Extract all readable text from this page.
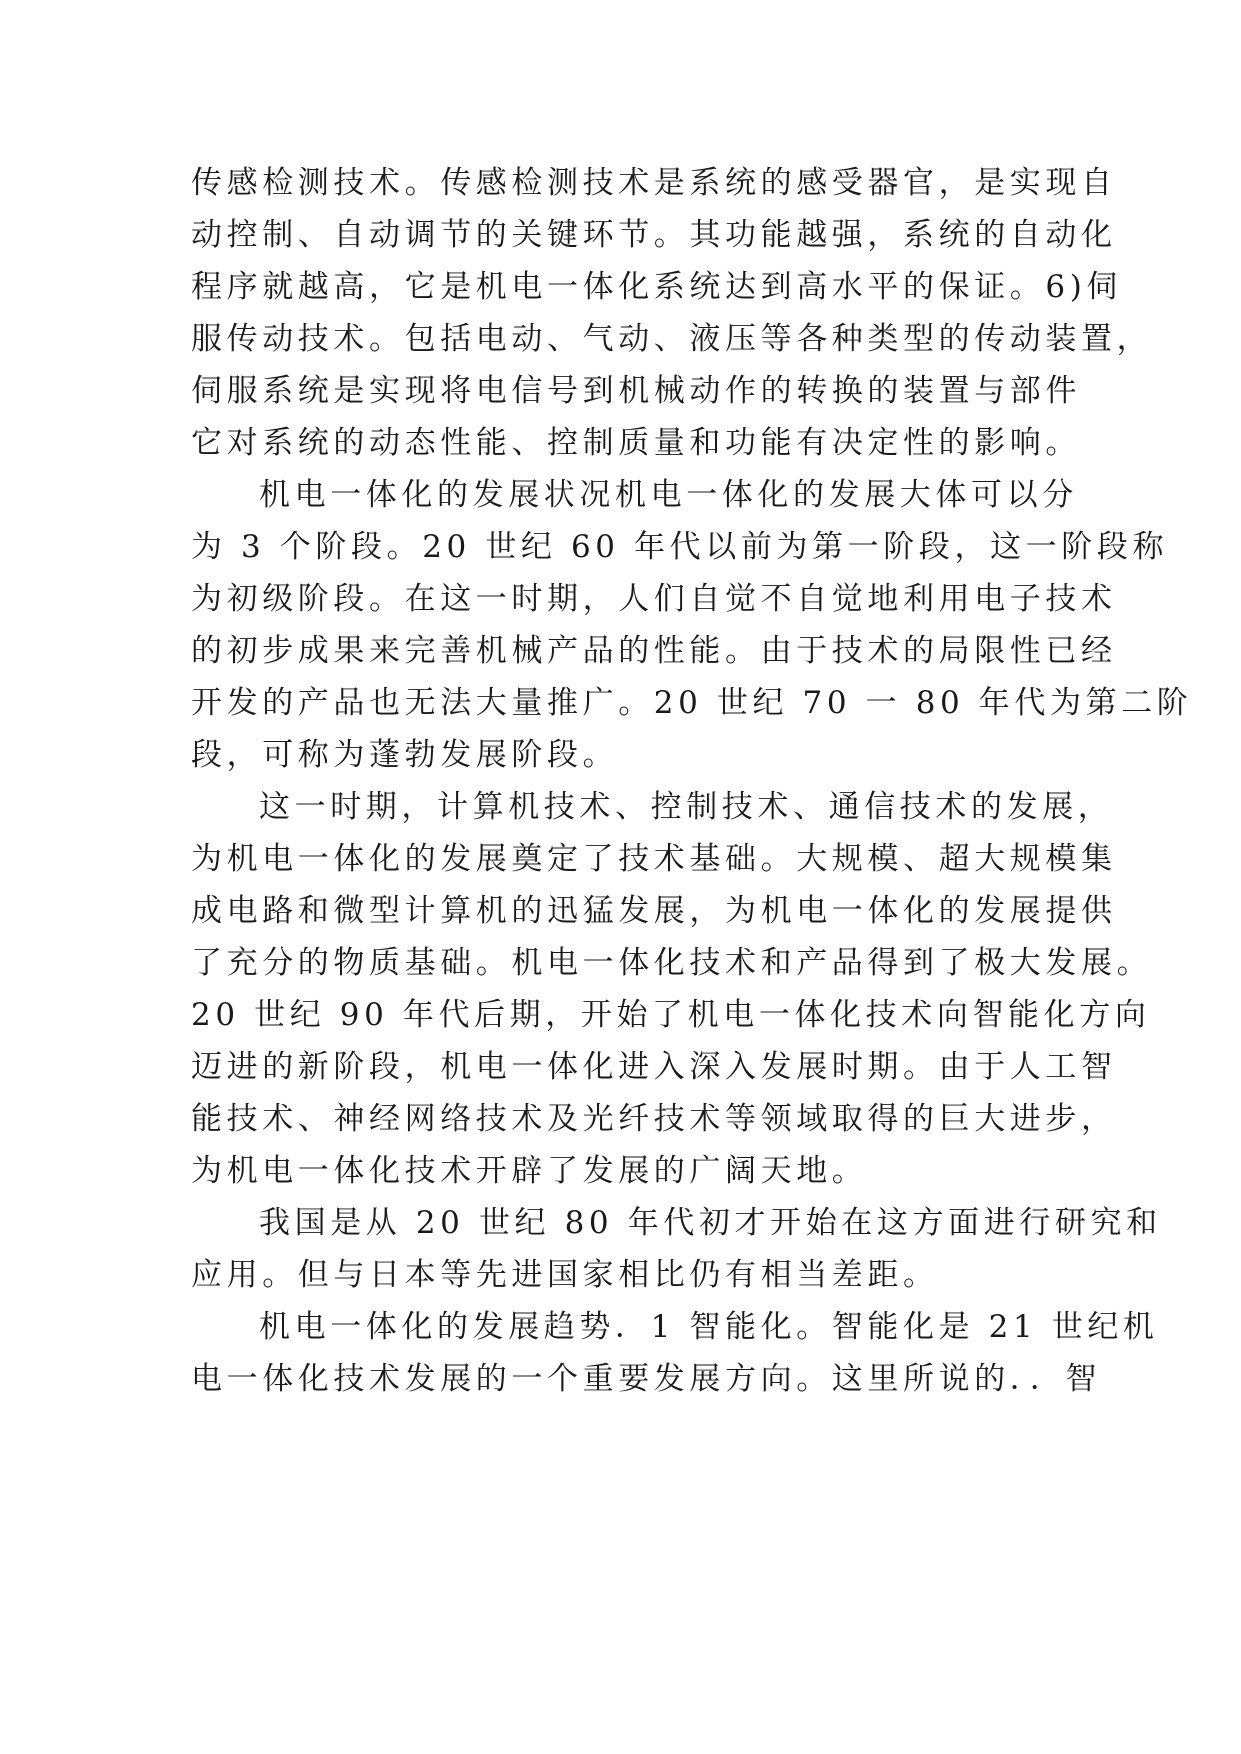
传感检测技术。传感检测技术是系统的感受器官，是实现自
动控制、自动调节的关键环节。其功能越强，系统的自动化
程序就越高，它是机电一体化系统达到高水平的保证。6)伺
服传动技术。包括电动、气动、液压等各种类型的传动装置，
伺服系统是实现将电信号到机械动作的转换的装置与部件
它对系统的动态性能、控制质量和功能有决定性的影响。
机电一体化的发展状况机电一体化的发展大体可以分
为 3 个阶段。20 世纪 60 年代以前为第一阶段，这一阶段称
为初级阶段。在这一时期，人们自觉不自觉地利用电子技术
的初步成果来完善机械产品的性能。由于技术的局限性已经
开发的产品也无法大量推广。20 世纪 70 一 80 年代为第二阶
段，可称为蓬勃发展阶段。
这一时期，计算机技术、控制技术、通信技术的发展，
为机电一体化的发展奠定了技术基础。大规模、超大规模集
成电路和微型计算机的迅猛发展，为机电一体化的发展提供
了充分的物质基础。机电一体化技术和产品得到了极大发展。
20 世纪 90 年代后期，开始了机电一体化技术向智能化方向
迈进的新阶段，机电一体化进入深入发展时期。由于人工智
能技术、神经网络技术及光纤技术等领域取得的巨大进步，
为机电一体化技术开辟了发展的广阔天地。
我国是从 20 世纪 80 年代初才开始在这方面进行研究和
应用。但与日本等先进国家相比仍有相当差距。
机电一体化的发展趋势．1 智能化。智能化是 21 世纪机
电一体化技术发展的一个重要发展方向。这里所说的．．智
